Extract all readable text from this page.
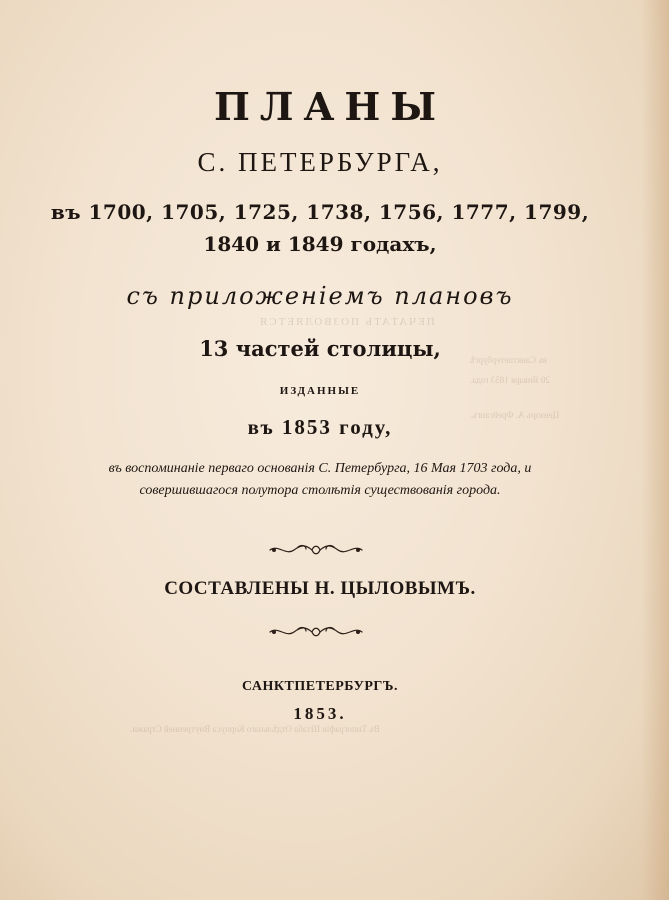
ПЕЧАТАТЬ ПОЗВОЛЯЕТСЯ
въ Санктпетербургѣ
20 Января 1853 года.
Цензоръ А. Фрейгангъ.
Въ Типографiи Штаба Отдѣльнаго Корпуса Внутренней Стражи.
ПЛАНЫ
С. ПЕТЕРБУРГА,
въ 1700, 1705, 1725, 1738, 1756, 1777, 1799,
1840 и 1849 годахъ,
съ приложенiемъ плановъ
13 частей столицы,
ИЗДАННЫЕ
въ 1853 году,
въ воспоминанiе перваго основанiя С. Петербурга, 16 Мая 1703 года, и
совершившагося полутора столѣтiя существованiя города.
СОСТАВЛЕНЫ Н. ЦЫЛОВЫМЪ.
САНКТПЕТЕРБУРГЪ.
1853.
